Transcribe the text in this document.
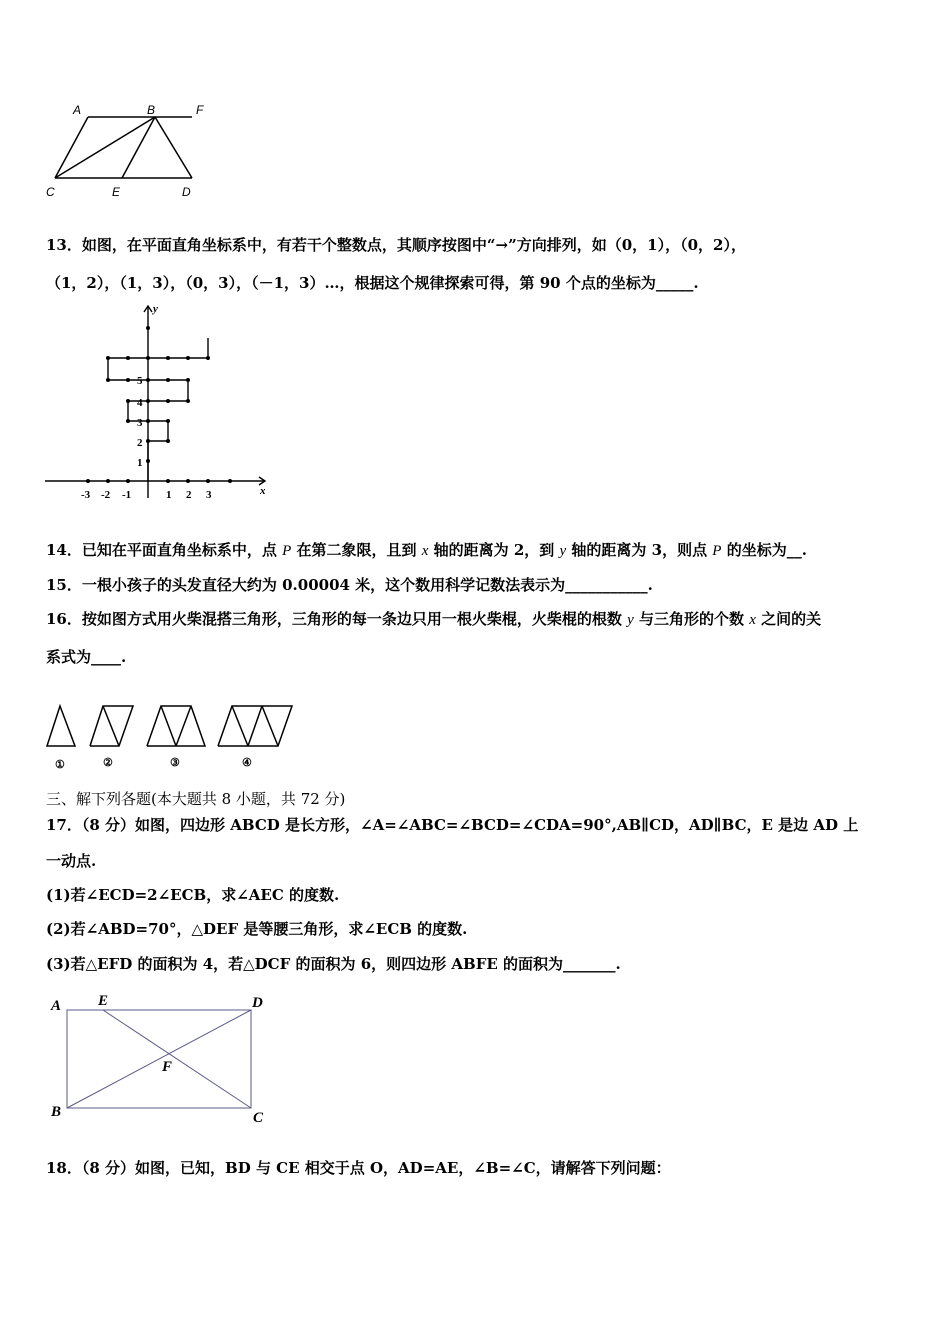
A	B	F
C	E	D
13．如图，在平面直角坐标系中，有若干个整数点，其顺序按图中“→”方向排列，如（0，1），（0，2），
（1，2），（1，3），（0，3），（－1，3）…，根据这个规律探索可得，第 90 个点的坐标为_____.
x
y
-3 -2 -1	1 2 3
1
2
3
4
5
14．已知在平面直角坐标系中，点 P 在第二象限，且到 x 轴的距离为 2，到 y 轴的距离为 3，则点 P 的坐标为__.
15．一根小孩子的头发直径大约为 0.00004 米，这个数用科学记数法表示为___________.
16．按如图方式用火柴混搭三角形，三角形的每一条边只用一根火柴棍，火柴棍的根数 y 与三角形的个数 x 之间的关
系式为____.
①	②	③	④
三、解下列各题(本大题共 8 小题，共 72 分)
17．（8 分）如图，四边形 ABCD 是长方形，∠A=∠ABC=∠BCD=∠CDA=90°,AB∥CD，AD∥BC，E 是边 AD 上
一动点.
(1)若∠ECD=2∠ECB，求∠AEC 的度数.
(2)若∠ABD=70°，△DEF 是等腰三角形，求∠ECB 的度数.
(3)若△EFD 的面积为 4，若△DCF 的面积为 6，则四边形 ABFE 的面积为_______.
A E	D
F
B	C
18．（8 分）如图，已知，BD 与 CE 相交于点 O，AD=AE，∠B=∠C，请解答下列问题：
